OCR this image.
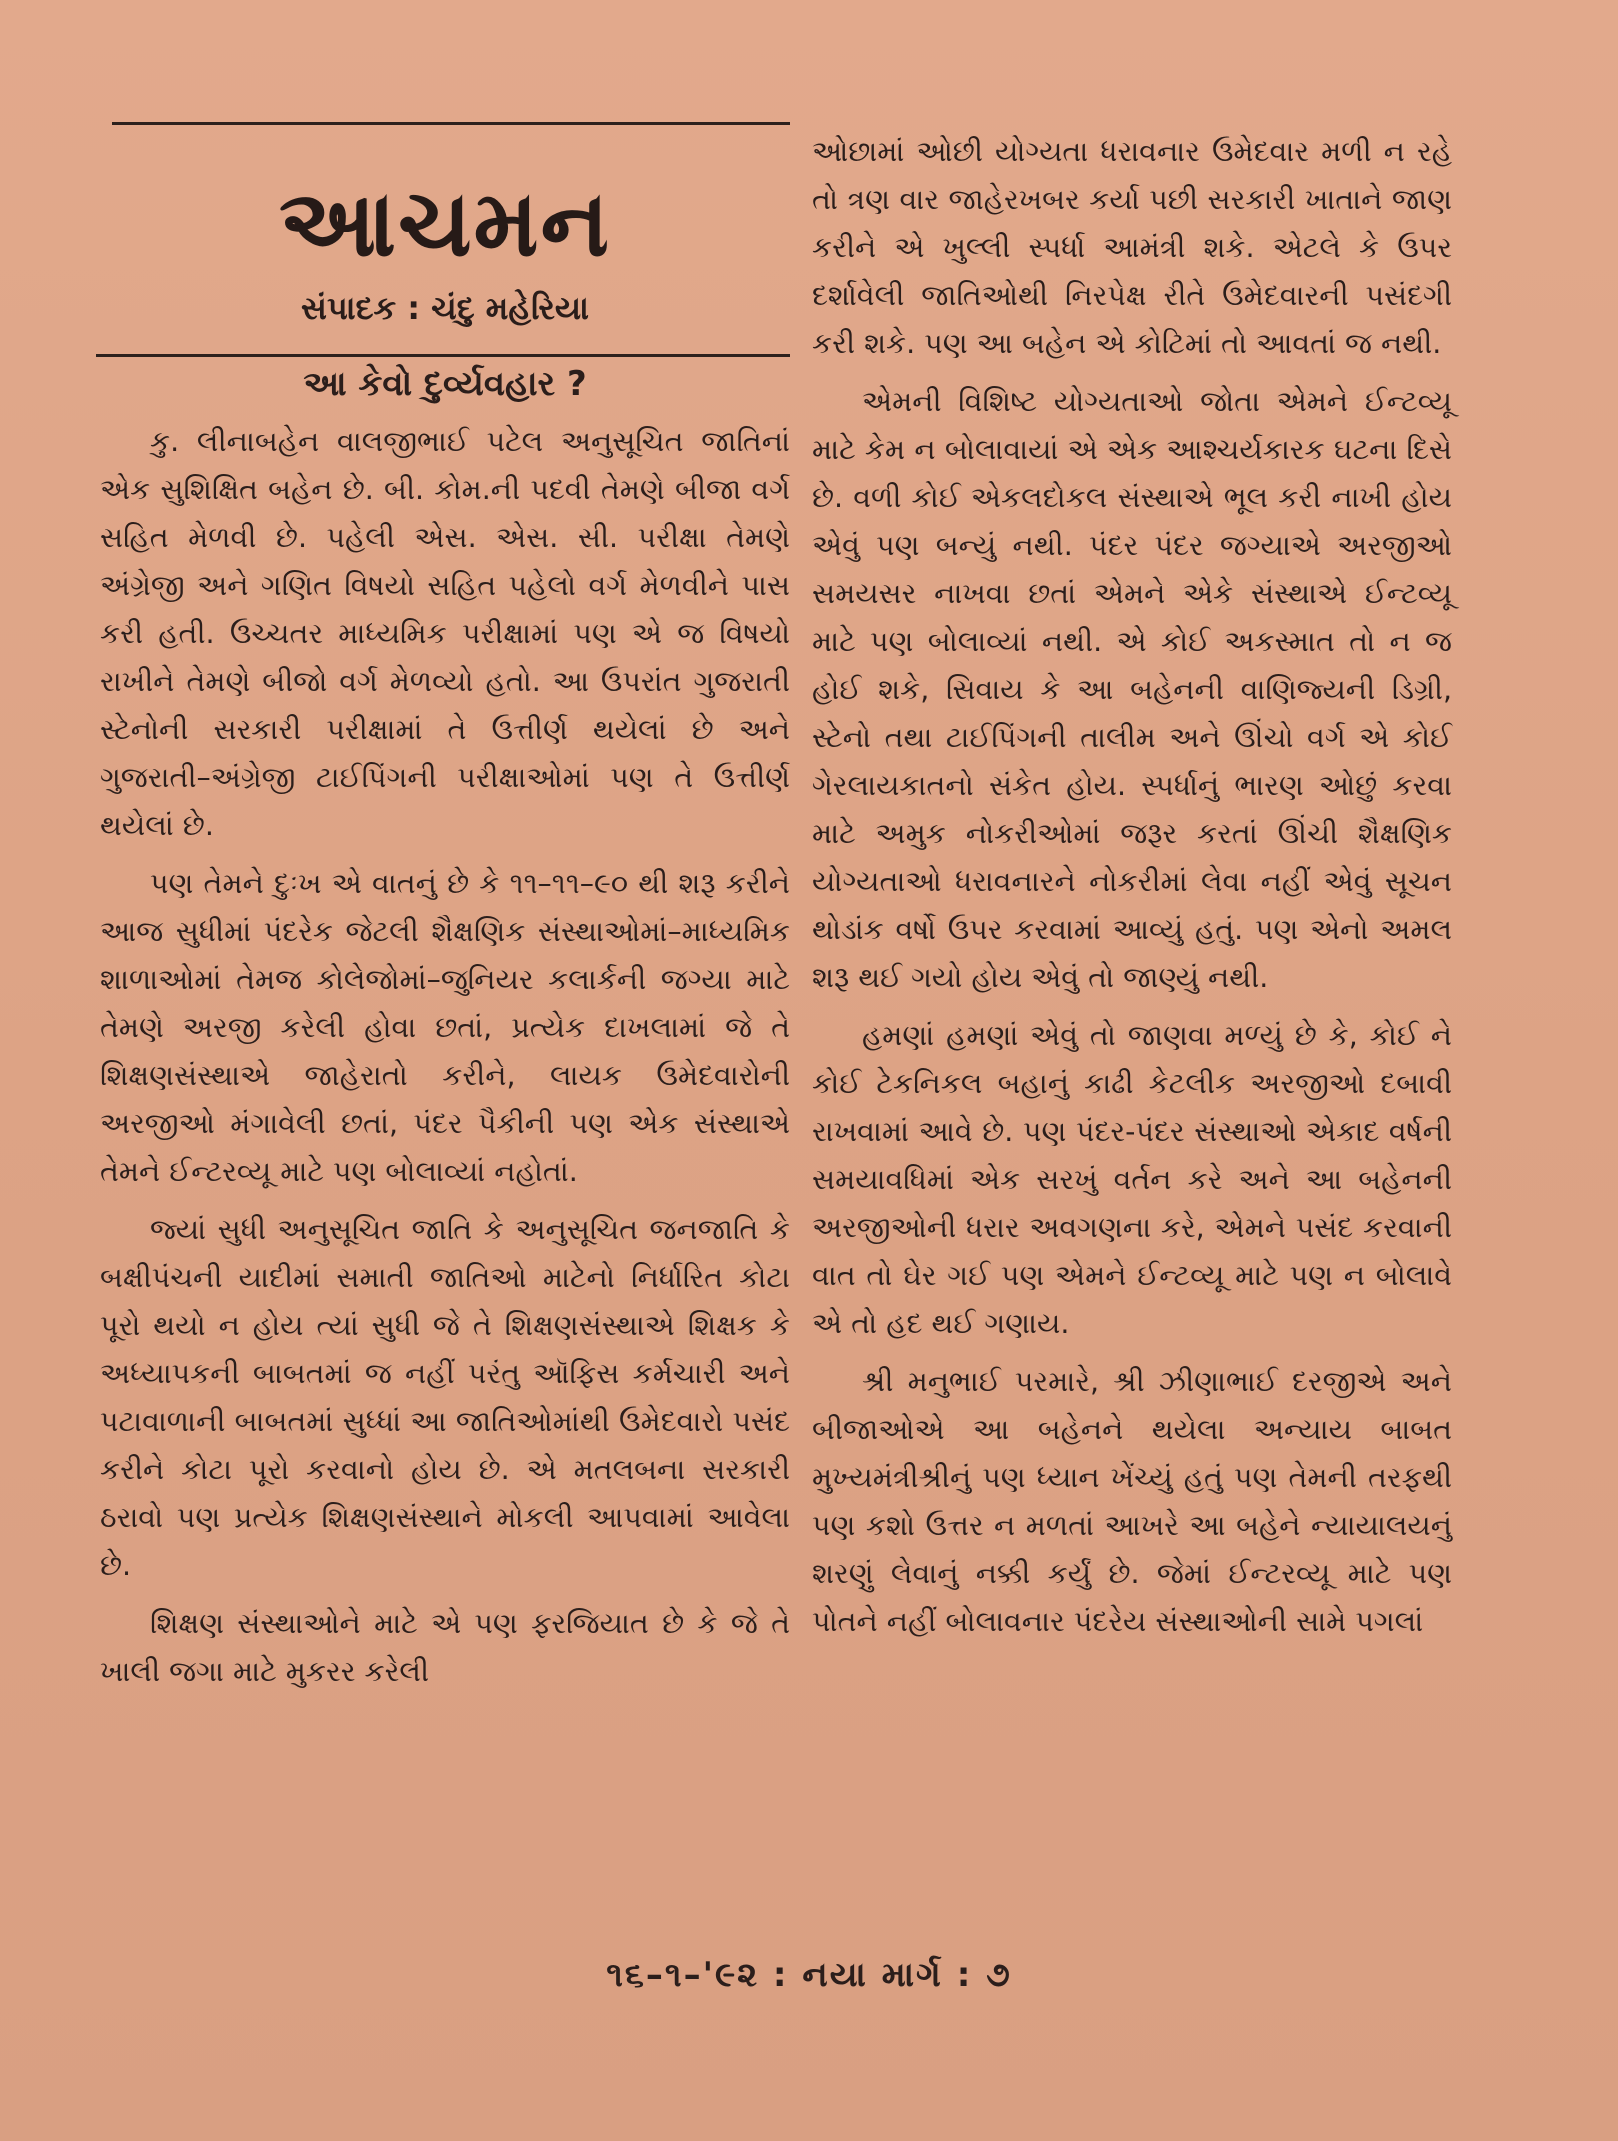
આચમન
સંપાદક : ચંદુ મહેરિયા
આ કેવો દુર્વ્યવહાર ?

કુ. લીનાબહેન વાલજીભાઈ પટેલ અનુસૂચિત જાતિનાં એક સુશિક્ષિત બહેન છે. બી. કોમ.ની પદવી તેમણે બીજા વર્ગ સહિત મેળવી છે. પહેલી એસ. એસ. સી. પરીક્ષા તેમણે અંગ્રેજી અને ગણિત વિષયો સહિત પહેલો વર્ગ મેળવીને પાસ કરી હતી. ઉચ્ચતર માધ્યમિક પરીક્ષામાં પણ એ જ વિષયો રાખીને તેમણે બીજો વર્ગ મેળવ્યો હતો. આ ઉપરાંત ગુજરાતી સ્ટેનોની સરકારી પરીક્ષામાં તે ઉત્તીર્ણ થયેલાં છે અને ગુજરાતી–અંગ્રેજી ટાઈપિંગની પરીક્ષાઓમાં પણ તે ઉત્તીર્ણ થયેલાં છે.

પણ તેમને દુઃખ એ વાતનું છે કે ૧૧–૧૧–૯૦ થી શરૂ કરીને આજ સુધીમાં પંદરેક જેટલી શૈક્ષણિક સંસ્થાઓમાં–માધ્યમિક શાળાઓમાં તેમજ કોલેજોમાં–જુનિયર કલાર્કની જગ્યા માટે તેમણે અરજી કરેલી હોવા છતાં, પ્રત્યેક દાખલામાં જે તે શિક્ષણસંસ્થાએ જાહેરાતો કરીને, લાયક ઉમેદવારોની અરજીઓ મંગાવેલી છતાં, પંદર પૈકીની પણ એક સંસ્થાએ તેમને ઈન્ટરવ્યૂ માટે પણ બોલાવ્યાં નહોતાં.

જ્યાં સુધી અનુસૂચિત જાતિ કે અનુસૂચિત જનજાતિ કે બક્ષીપંચની યાદીમાં સમાતી જાતિઓ માટેનો નિર્ધારિત કોટા પૂરો થયો ન હોય ત્યાં સુધી જે તે શિક્ષણસંસ્થાએ શિક્ષક કે અધ્યાપકની બાબતમાં જ નહીં પરંતુ ઑફિસ કર્મચારી અને પટાવાળાની બાબતમાં સુધ્ધાં આ જાતિઓમાંથી ઉમેદવારો પસંદ કરીને કોટા પૂરો કરવાનો હોય છે. એ મતલબના સરકારી ઠરાવો પણ પ્રત્યેક શિક્ષણસંસ્થાને મોકલી આપવામાં આવેલા છે.

શિક્ષણ સંસ્થાઓને માટે એ પણ ફરજિયાત છે કે જે તે ખાલી જગા માટે મુકરર કરેલી

ઓછામાં ઓછી યોગ્યતા ધરાવનાર ઉમેદવાર મળી ન રહે તો ત્રણ વાર જાહેરખબર કર્યા પછી સરકારી ખાતાને જાણ કરીને એ ખુલ્લી સ્પર્ધા આમંત્રી શકે. એટલે કે ઉપર દર્શાવેલી જાતિઓથી નિરપેક્ષ રીતે ઉમેદવારની પસંદગી કરી શકે. પણ આ બહેન એ કોટિમાં તો આવતાં જ નથી.

એમની વિશિષ્ટ યોગ્યતાઓ જોતા એમને ઈન્ટવ્યૂ માટે કેમ ન બોલાવાયાં એ એક આશ્ચર્યકારક ઘટના દિસે છે. વળી કોઈ એકલદોકલ સંસ્થાએ ભૂલ કરી નાખી હોય એવું પણ બન્યું નથી. પંદર પંદર જગ્યાએ અરજીઓ સમયસર નાખવા છતાં એમને એકે સંસ્થાએ ઈન્ટવ્યૂ માટે પણ બોલાવ્યાં નથી. એ કોઈ અકસ્માત તો ન જ હોઈ શકે, સિવાય કે આ બહેનની વાણિજ્યની ડિગ્રી, સ્ટેનો તથા ટાઈપિંગની તાલીમ અને ઊંચો વર્ગ એ કોઈ ગેરલાયકાતનો સંકેત હોય. સ્પર્ધાનું ભારણ ઓછું કરવા માટે અમુક નોકરીઓમાં જરૂર કરતાં ઊંચી શૈક્ષણિક યોગ્યતાઓ ધરાવનારને નોકરીમાં લેવા નહીં એવું સૂચન થોડાંક વર્ષો ઉપર કરવામાં આવ્યું હતું. પણ એનો અમલ શરૂ થઈ ગયો હોય એવું તો જાણ્યું નથી.

હમણાં હમણાં એવું તો જાણવા મળ્યું છે કે, કોઈ ને કોઈ ટેકનિકલ બહાનું કાઢી કેટલીક અરજીઓ દબાવી રાખવામાં આવે છે. પણ પંદર-પંદર સંસ્થાઓ એકાદ વર્ષની સમયાવધિમાં એક સરખું વર્તન કરે અને આ બહેનની અરજીઓની ધરાર અવગણના કરે, એમને પસંદ કરવાની વાત તો ઘેર ગઈ પણ એમને ઈન્ટવ્યૂ માટે પણ ન બોલાવે એ તો હદ થઈ ગણાય.

શ્રી મનુભાઈ પરમારે, શ્રી ઝીણાભાઈ દરજીએ અને બીજાઓએ આ બહેનને થયેલા અન્યાય બાબત મુખ્યમંત્રીશ્રીનું પણ ધ્યાન ખેંચ્યું હતું પણ તેમની તરફથી પણ કશો ઉત્તર ન મળતાં આખરે આ બહેને ન્યાયાલયનું શરણું લેવાનું નક્કી કર્યું છે. જેમાં ઈન્ટરવ્યૂ માટે પણ પોતને નહીં બોલાવનાર પંદરેય સંસ્થાઓની સામે પગલાં

૧૬–૧–'૯૨ : નયા માર્ગ : ૭
